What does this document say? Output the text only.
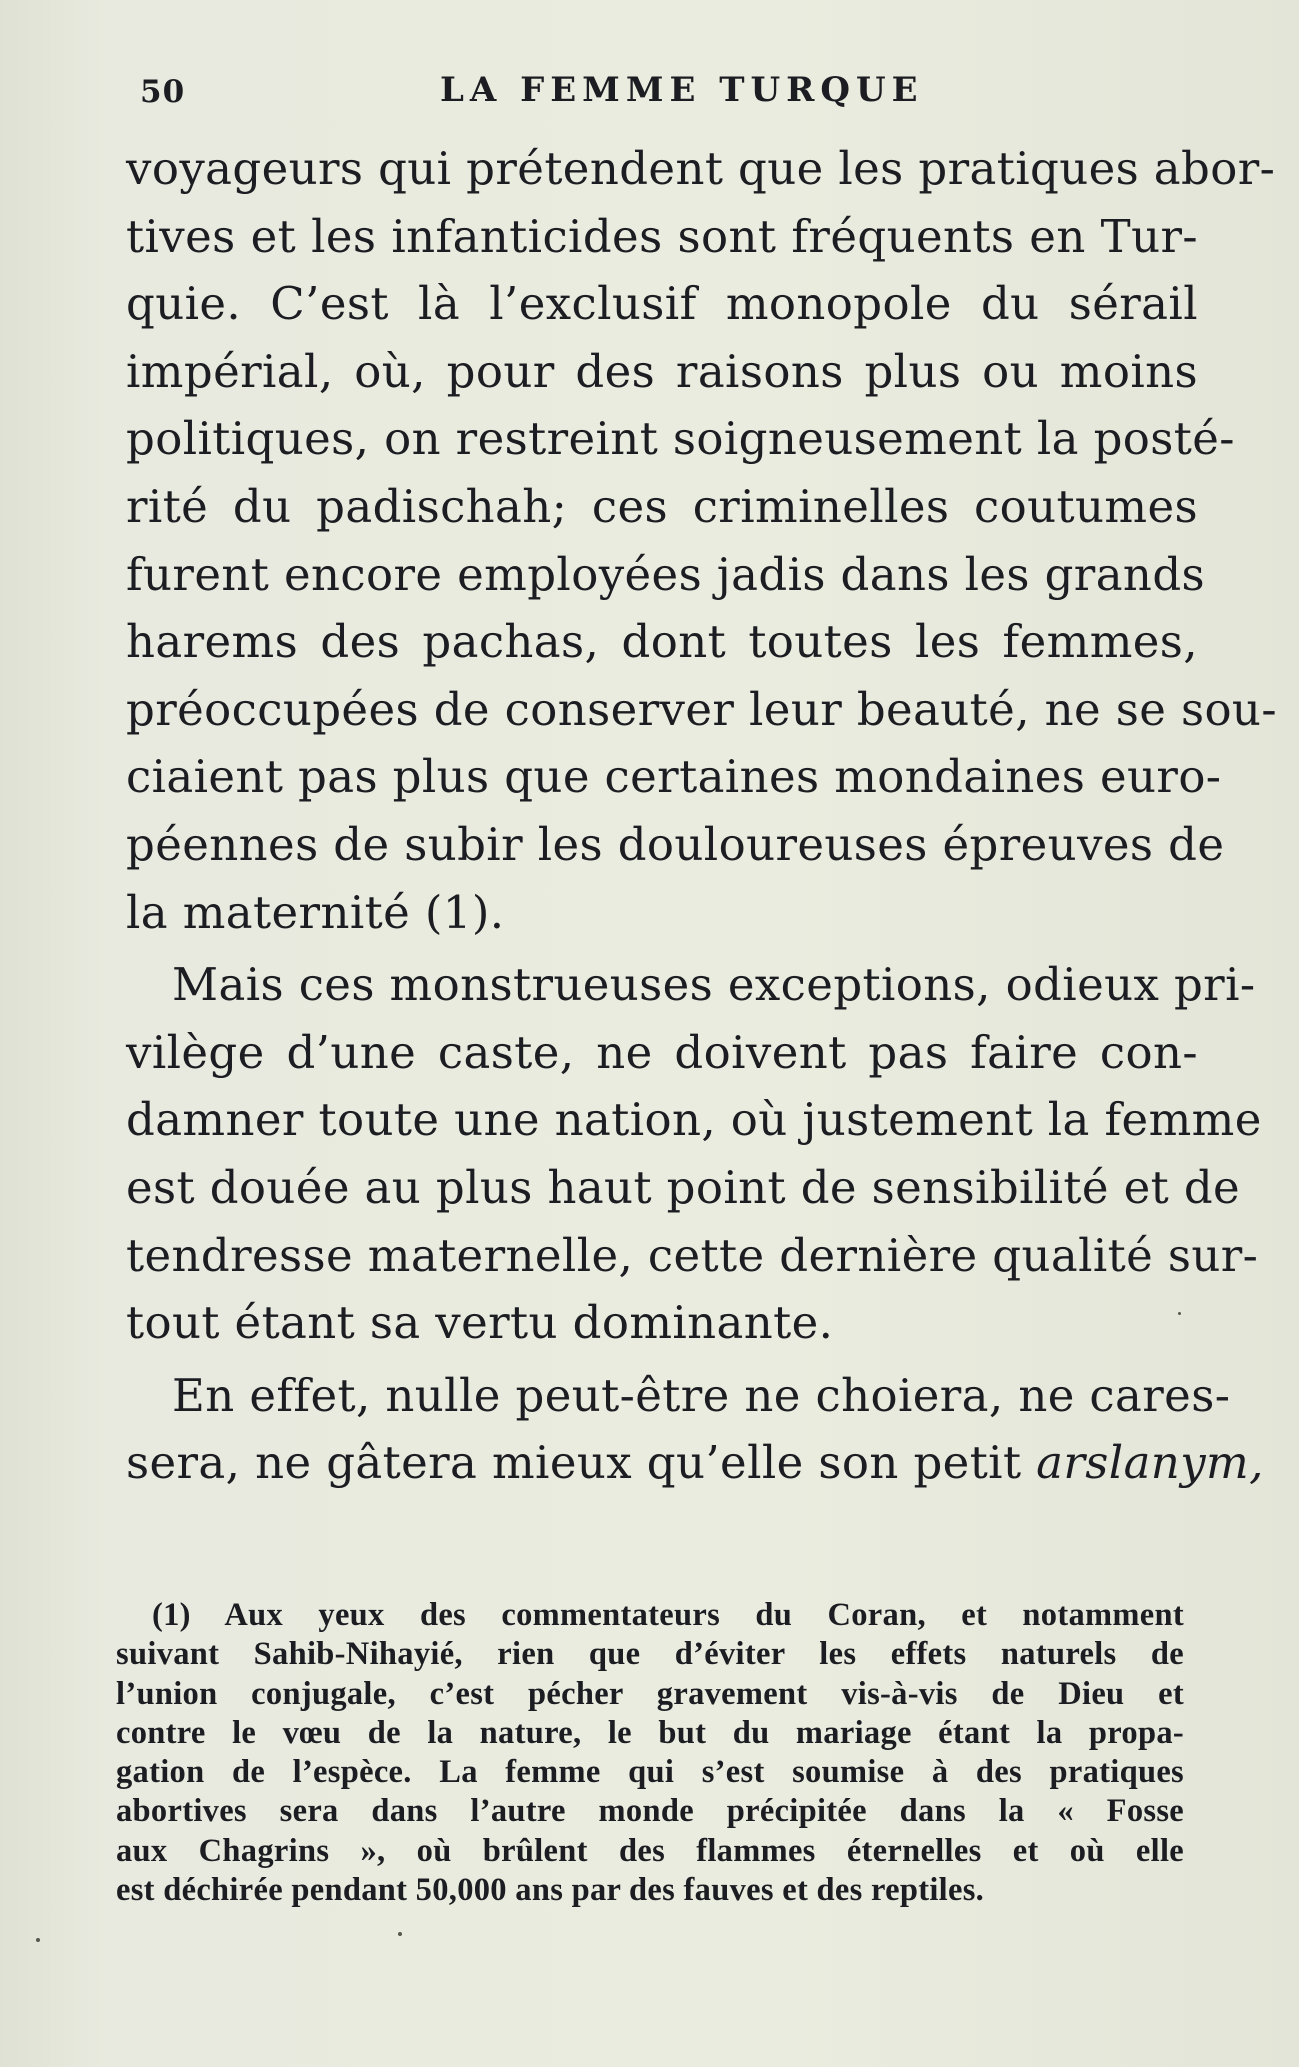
50	LA FEMME TURQUE
voyageurs qui prétendent que les pratiques abor-
tives et les infanticides sont fréquents en Tur-
quie. C’est là l’exclusif monopole du sérail
impérial, où, pour des raisons plus ou moins
politiques, on restreint soigneusement la posté-
rité du padischah; ces criminelles coutumes
furent encore employées jadis dans les grands
harems des pachas, dont toutes les femmes,
préoccupées de conserver leur beauté, ne se sou-
ciaient pas plus que certaines mondaines euro-
péennes de subir les douloureuses épreuves de
la maternité (1).
Mais ces monstrueuses exceptions, odieux pri-
vilège d’une caste, ne doivent pas faire con-
damner toute une nation, où justement la femme
est douée au plus haut point de sensibilité et de
tendresse maternelle, cette dernière qualité sur-
tout étant sa vertu dominante.
En effet, nulle peut-être ne choiera, ne cares-
sera, ne gâtera mieux qu’elle son petit arslanym,
(1) Aux yeux des commentateurs du Coran, et notamment
suivant Sahib-Nihayié, rien que d’éviter les effets naturels de
l’union conjugale, c’est pécher gravement vis-à-vis de Dieu et
contre le vœu de la nature, le but du mariage étant la propa-
gation de l’espèce. La femme qui s’est soumise à des pratiques
abortives sera dans l’autre monde précipitée dans la « Fosse
aux Chagrins », où brûlent des flammes éternelles et où elle
est déchirée pendant 50,000 ans par des fauves et des reptiles.
